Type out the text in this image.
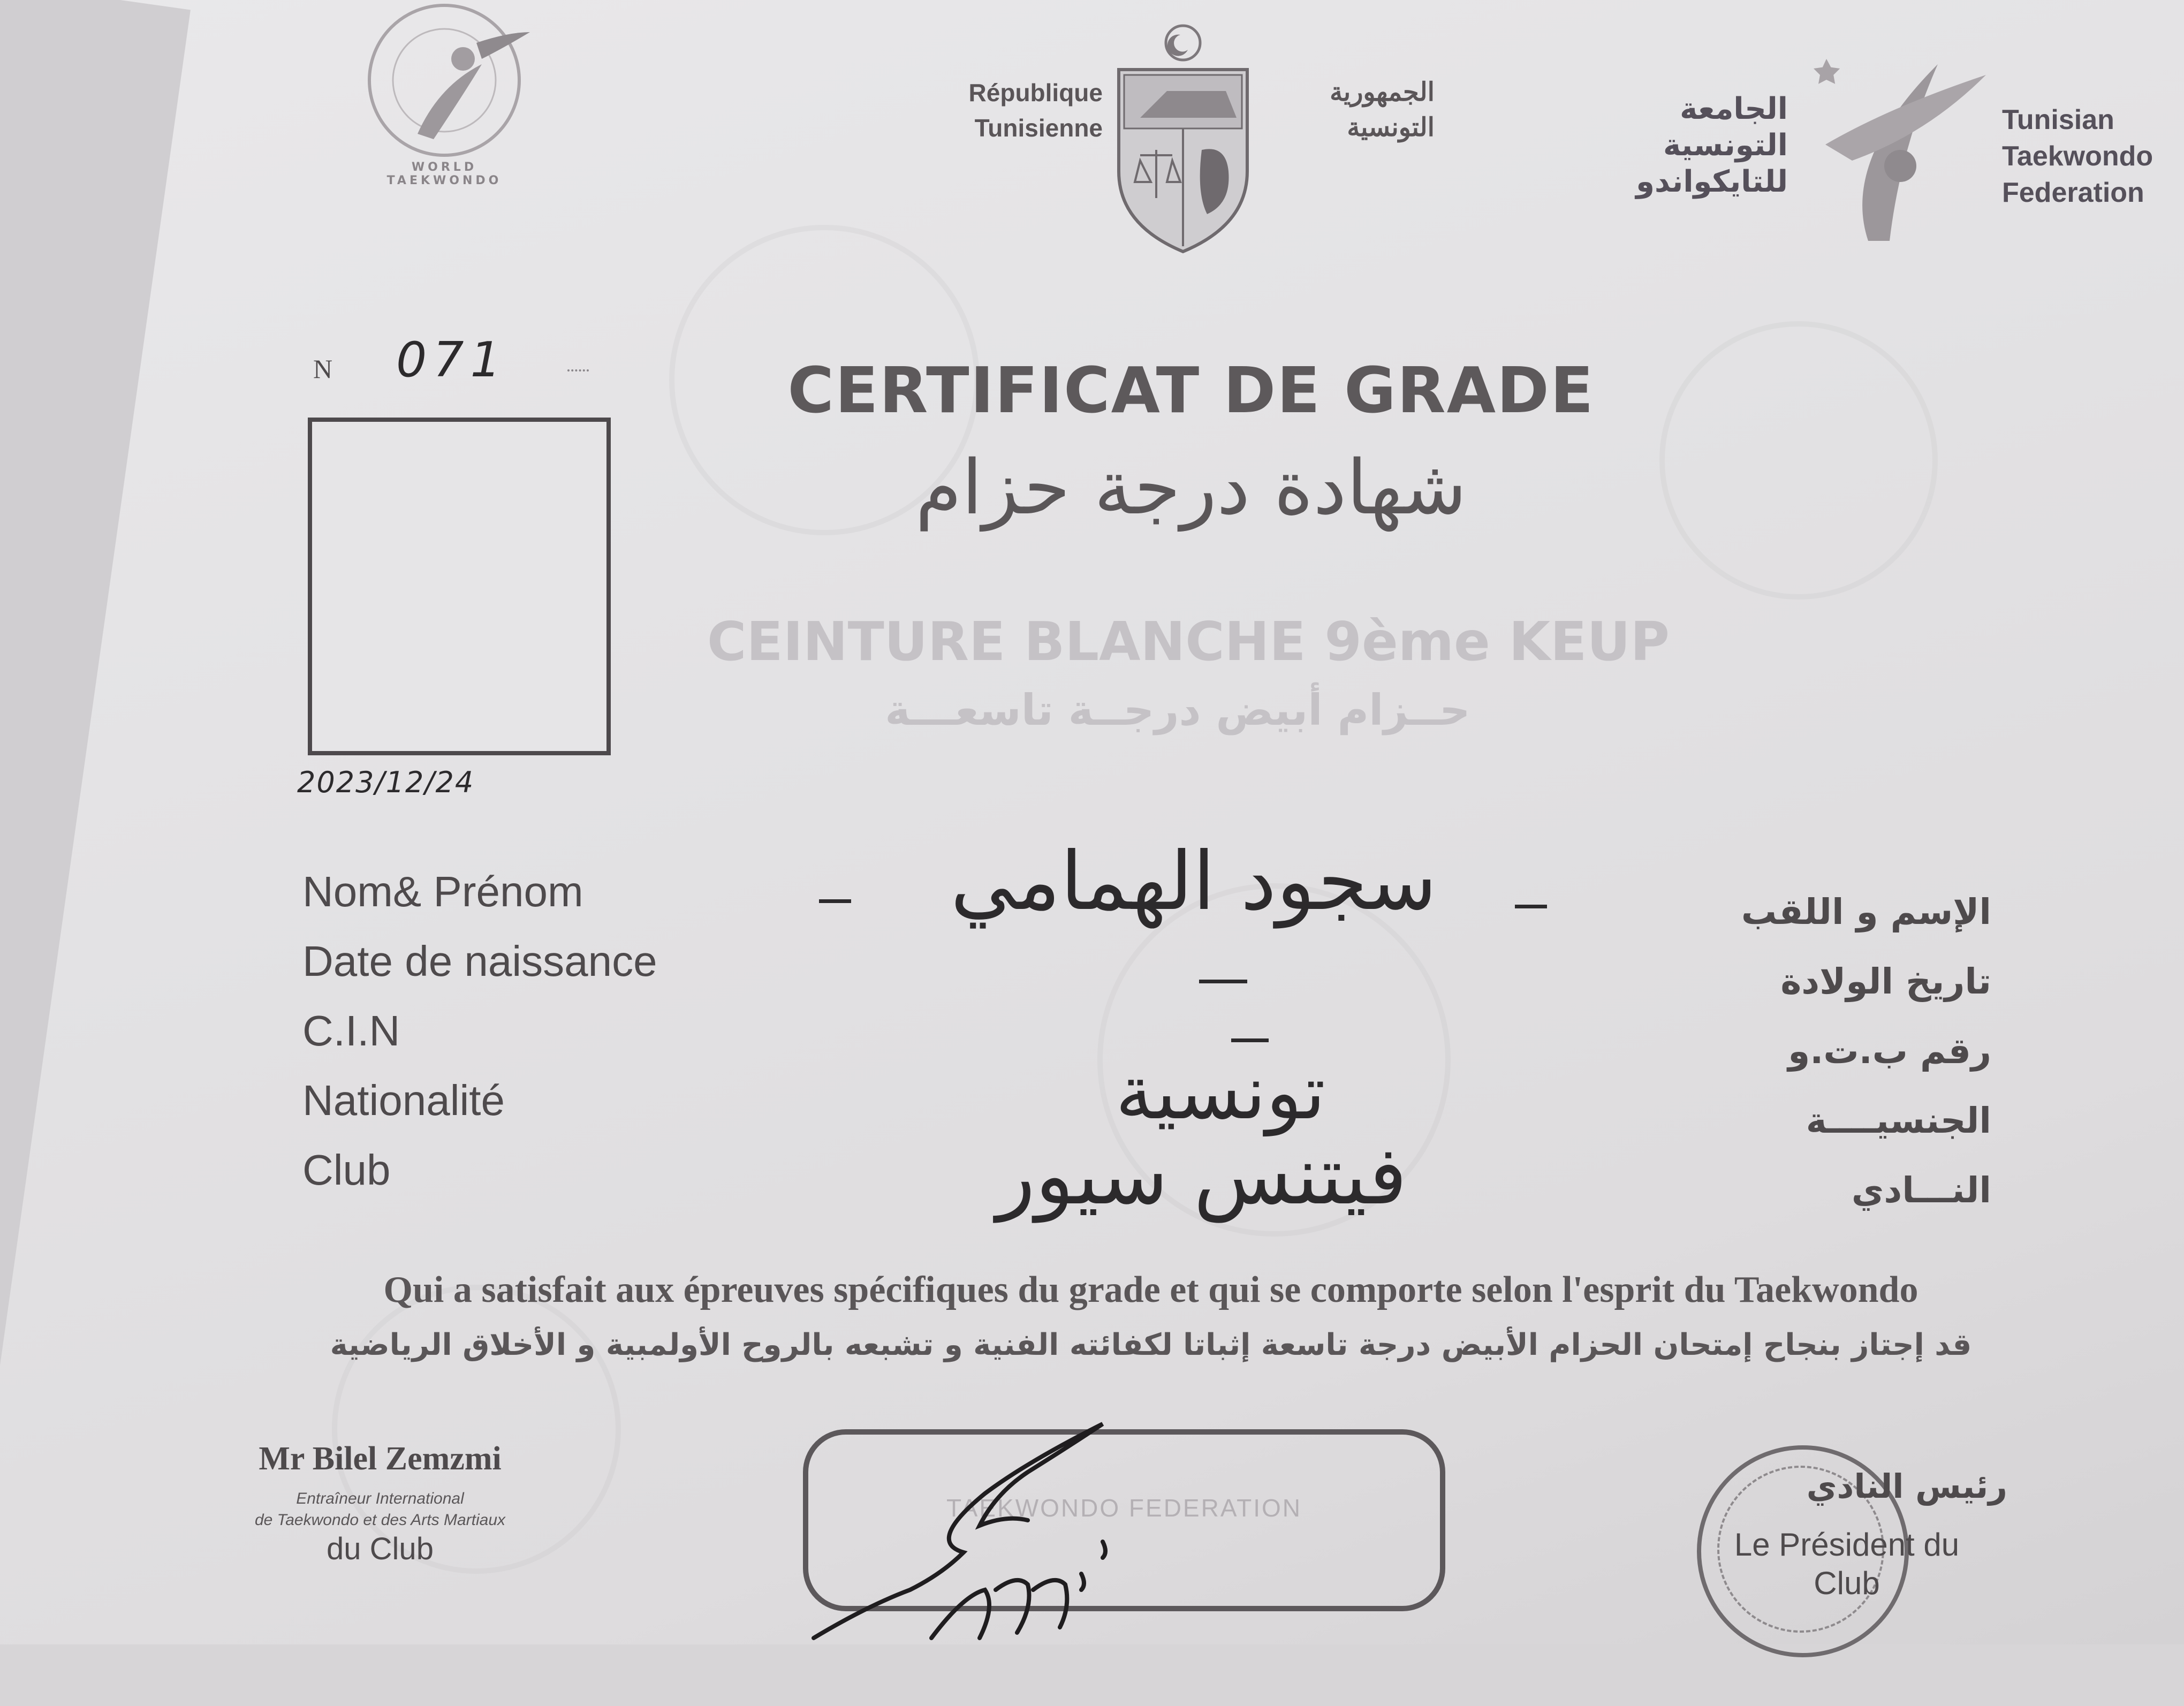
WORLD TAEKWONDO
République
Tunisienne
الجمهورية
التونسية
الجامعة
التونسية
للتايكواندو
Tunisian
Taekwondo
Federation
N 071
2023/12/24
CERTIFICAT DE GRADE
شهادة درجة حزام
CEINTURE BLANCHE 9ème KEUP
حــزام أبيض درجــة تاسعـــة
Nom& Prénom
Date de naissance
C.I.N
Nationalité
Club
الإسم و اللقب
تاريخ الولادة
رقم ب.ت.و
الجنسيــــة
النـــادي
سجود الهمامي
تونسية
فيتنس سيور
Qui a satisfait aux épreuves spécifiques du grade et qui se comporte selon l'esprit du Taekwondo
قد إجتاز بنجاح إمتحان الحزام الأبيض درجة تاسعة إثباتا لكفائته الفنية و تشبعه بالروح الأولمبية و الأخلاق الرياضية
Mr Bilel Zemzmi
Entraîneur International
de Taekwondo et des Arts Martiaux
du Club
TAEKWONDO FEDERATION
رئيس النادي
Le Président du
Club
